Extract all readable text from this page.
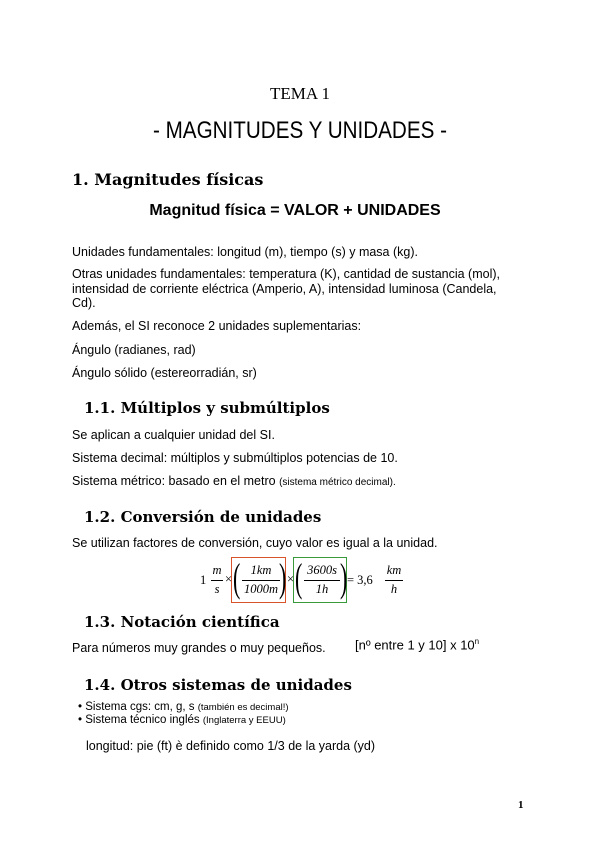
TEMA 1
- MAGNITUDES Y UNIDADES -
1. Magnitudes físicas
Magnitud física = VALOR + UNIDADES
Unidades fundamentales: longitud (m), tiempo (s) y masa (kg).
Otras unidades fundamentales: temperatura (K), cantidad de sustancia (mol),
intensidad de corriente eléctrica (Amperio, A), intensidad luminosa (Candela,
Cd).
Además, el SI reconoce 2 unidades suplementarias:
Ángulo (radianes, rad)
Ángulo sólido (estereorradián, sr)
1.1. Múltiplos y submúltiplos
Se aplican a cualquier unidad del SI.
Sistema decimal: múltiplos y submúltiplos potencias de 10.
Sistema métrico: basado en el metro (sistema métrico decimal).
1.2. Conversión de unidades
Se utilizan factores de conversión, cuyo valor es igual a la unidad.
1
m
s
× ( 1km
1000m ) × ( 3600s
1h ) = 3,6
km
h
1.3. Notación científica
Para números muy grandes o muy pequeños. [nº entre 1 y 10] x 10$^n$
1.4. Otros sistemas de unidades
• Sistema cgs: cm, g, s (también es decimal!)
• Sistema técnico inglés (Inglaterra y EEUU)
longitud: pie (ft) è definido como 1/3 de la yarda (yd)
1
